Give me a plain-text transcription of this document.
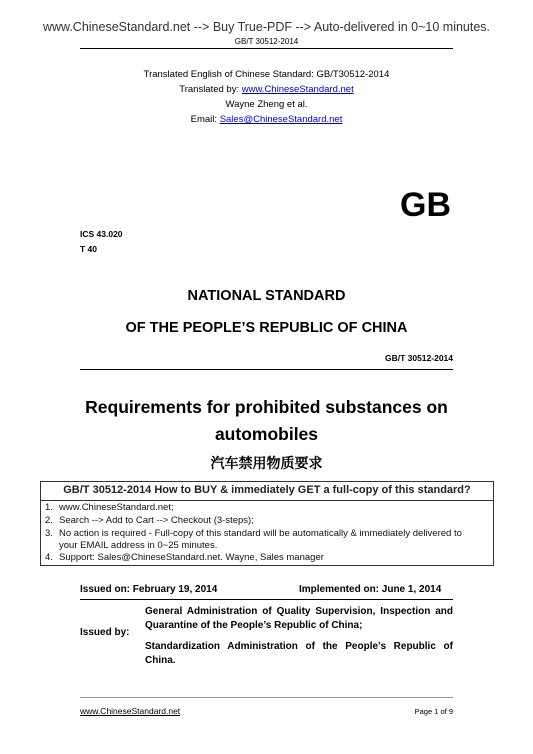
www.ChineseStandard.net --> Buy True-PDF --> Auto-delivered in 0~10 minutes.
GB/T 30512-2014
Translated English of Chinese Standard: GB/T30512-2014
Translated by: www.ChineseStandard.net
Wayne Zheng et al.
Email: Sales@ChineseStandard.net
GB
ICS 43.020
T 40
NATIONAL STANDARD
OF THE PEOPLE’S REPUBLIC OF CHINA
GB/T 30512-2014
Requirements for prohibited substances on
automobiles
汽车禁用物质要求
GB/T 30512-2014 How to BUY & immediately GET a full-copy of this standard?
1. www.ChineseStandard.net;
2. Search --> Add to Cart --> Checkout (3-steps);
3. No action is required - Full-copy of this standard will be automatically & immediately delivered to
your EMAIL address in 0~25 minutes.
4. Support: Sales@ChineseStandard.net. Wayne, Sales manager
Issued on: February 19, 2014	Implemented on: June 1, 2014
Issued by:
General Administration of Quality Supervision, Inspection and Quarantine of the People’s Republic of China;
Standardization Administration of the People’s Republic of China.
www.ChineseStandard.net	Page 1 of 9
